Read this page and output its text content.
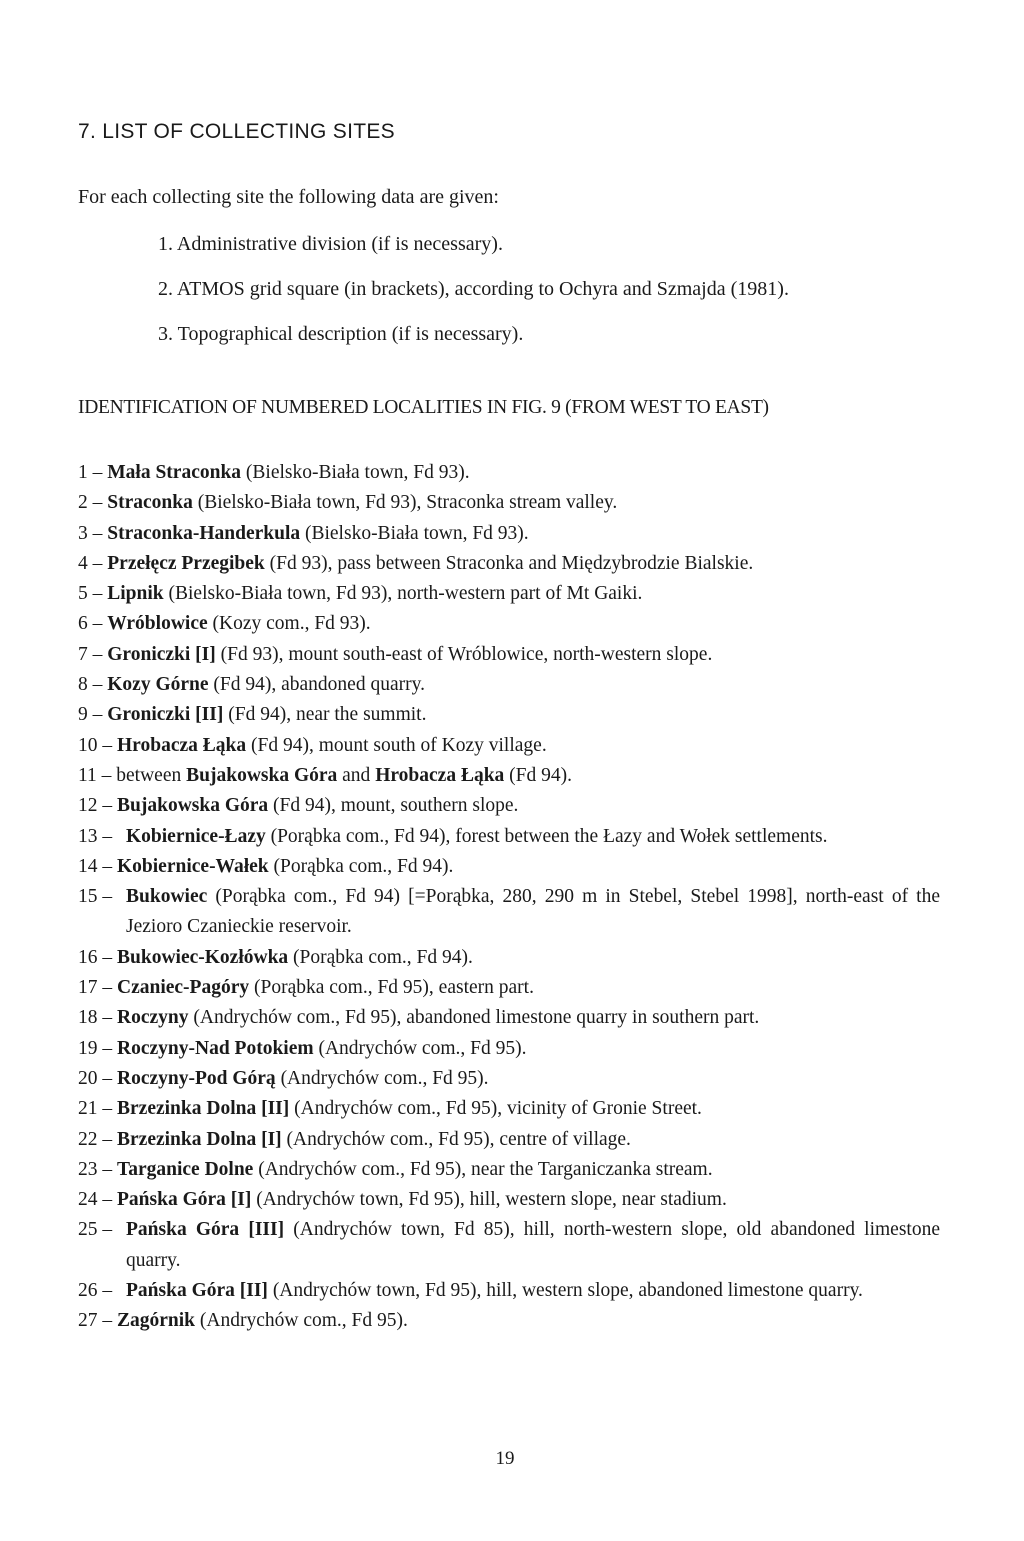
7. LIST OF COLLECTING SITES

For each collecting site the following data are given:

1. Administrative division (if is necessary).
2. ATMOS grid square (in brackets), according to Ochyra and Szmajda (1981).
3. Topographical description (if is necessary).
IDENTIFICATION OF NUMBERED LOCALITIES IN FIG. 9 (FROM WEST TO EAST)
1 – Mała Straconka (Bielsko-Biała town, Fd 93).
2 – Straconka (Bielsko-Biała town, Fd 93), Straconka stream valley.
3 – Straconka-Handerkula (Bielsko-Biała town, Fd 93).
4 – Przełęcz Przegibek (Fd 93), pass between Straconka and Międzybrodzie Bialskie.
5 – Lipnik (Bielsko-Biała town, Fd 93), north-western part of Mt Gaiki.
6 – Wróblowice (Kozy com., Fd 93).
7 – Groniczki [I] (Fd 93), mount south-east of Wróblowice, north-western slope.
8 – Kozy Górne (Fd 94), abandoned quarry.
9 – Groniczki [II] (Fd 94), near the summit.
10 – Hrobacza Łąka (Fd 94), mount south of Kozy village.
11 – between Bujakowska Góra and Hrobacza Łąka (Fd 94).
12 – Bujakowska Góra (Fd 94), mount, southern slope.
13 – Kobiernice-Łazy (Porąbka com., Fd 94), forest between the Łazy and Wołek settlements.
14 – Kobiernice-Wałek (Porąbka com., Fd 94).
15 – Bukowiec (Porąbka com., Fd 94) [=Porąbka, 280, 290 m in Stebel, Stebel 1998], north-east of the Jezioro Czanieckie reservoir.
16 – Bukowiec-Kozłówka (Porąbka com., Fd 94).
17 – Czaniec-Pagóry (Porąbka com., Fd 95), eastern part.
18 – Roczyny (Andrychów com., Fd 95), abandoned limestone quarry in southern part.
19 – Roczyny-Nad Potokiem (Andrychów com., Fd 95).
20 – Roczyny-Pod Górą (Andrychów com., Fd 95).
21 – Brzezinka Dolna [II] (Andrychów com., Fd 95), vicinity of Gronie Street.
22 – Brzezinka Dolna [I] (Andrychów com., Fd 95), centre of village.
23 – Targanice Dolne (Andrychów com., Fd 95), near the Targaniczanka stream.
24 – Pańska Góra [I] (Andrychów town, Fd 95), hill, western slope, near stadium.
25 – Pańska Góra [III] (Andrychów town, Fd 85), hill, north-western slope, old abandoned limestone quarry.
26 – Pańska Góra [II] (Andrychów town, Fd 95), hill, western slope, abandoned limestone quarry.
27 – Zagórnik (Andrychów com., Fd 95).

19
